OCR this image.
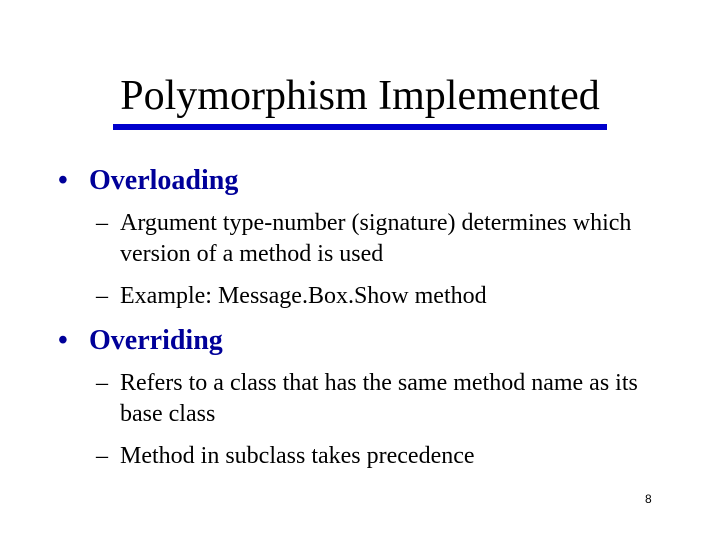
Polymorphism Implemented
• Overloading
– Argument type-number (signature) determines which version of a method is used
– Example: Message.Box.Show method
• Overriding
– Refers to a class that has the same method name as its base class
– Method in subclass takes precedence
8
